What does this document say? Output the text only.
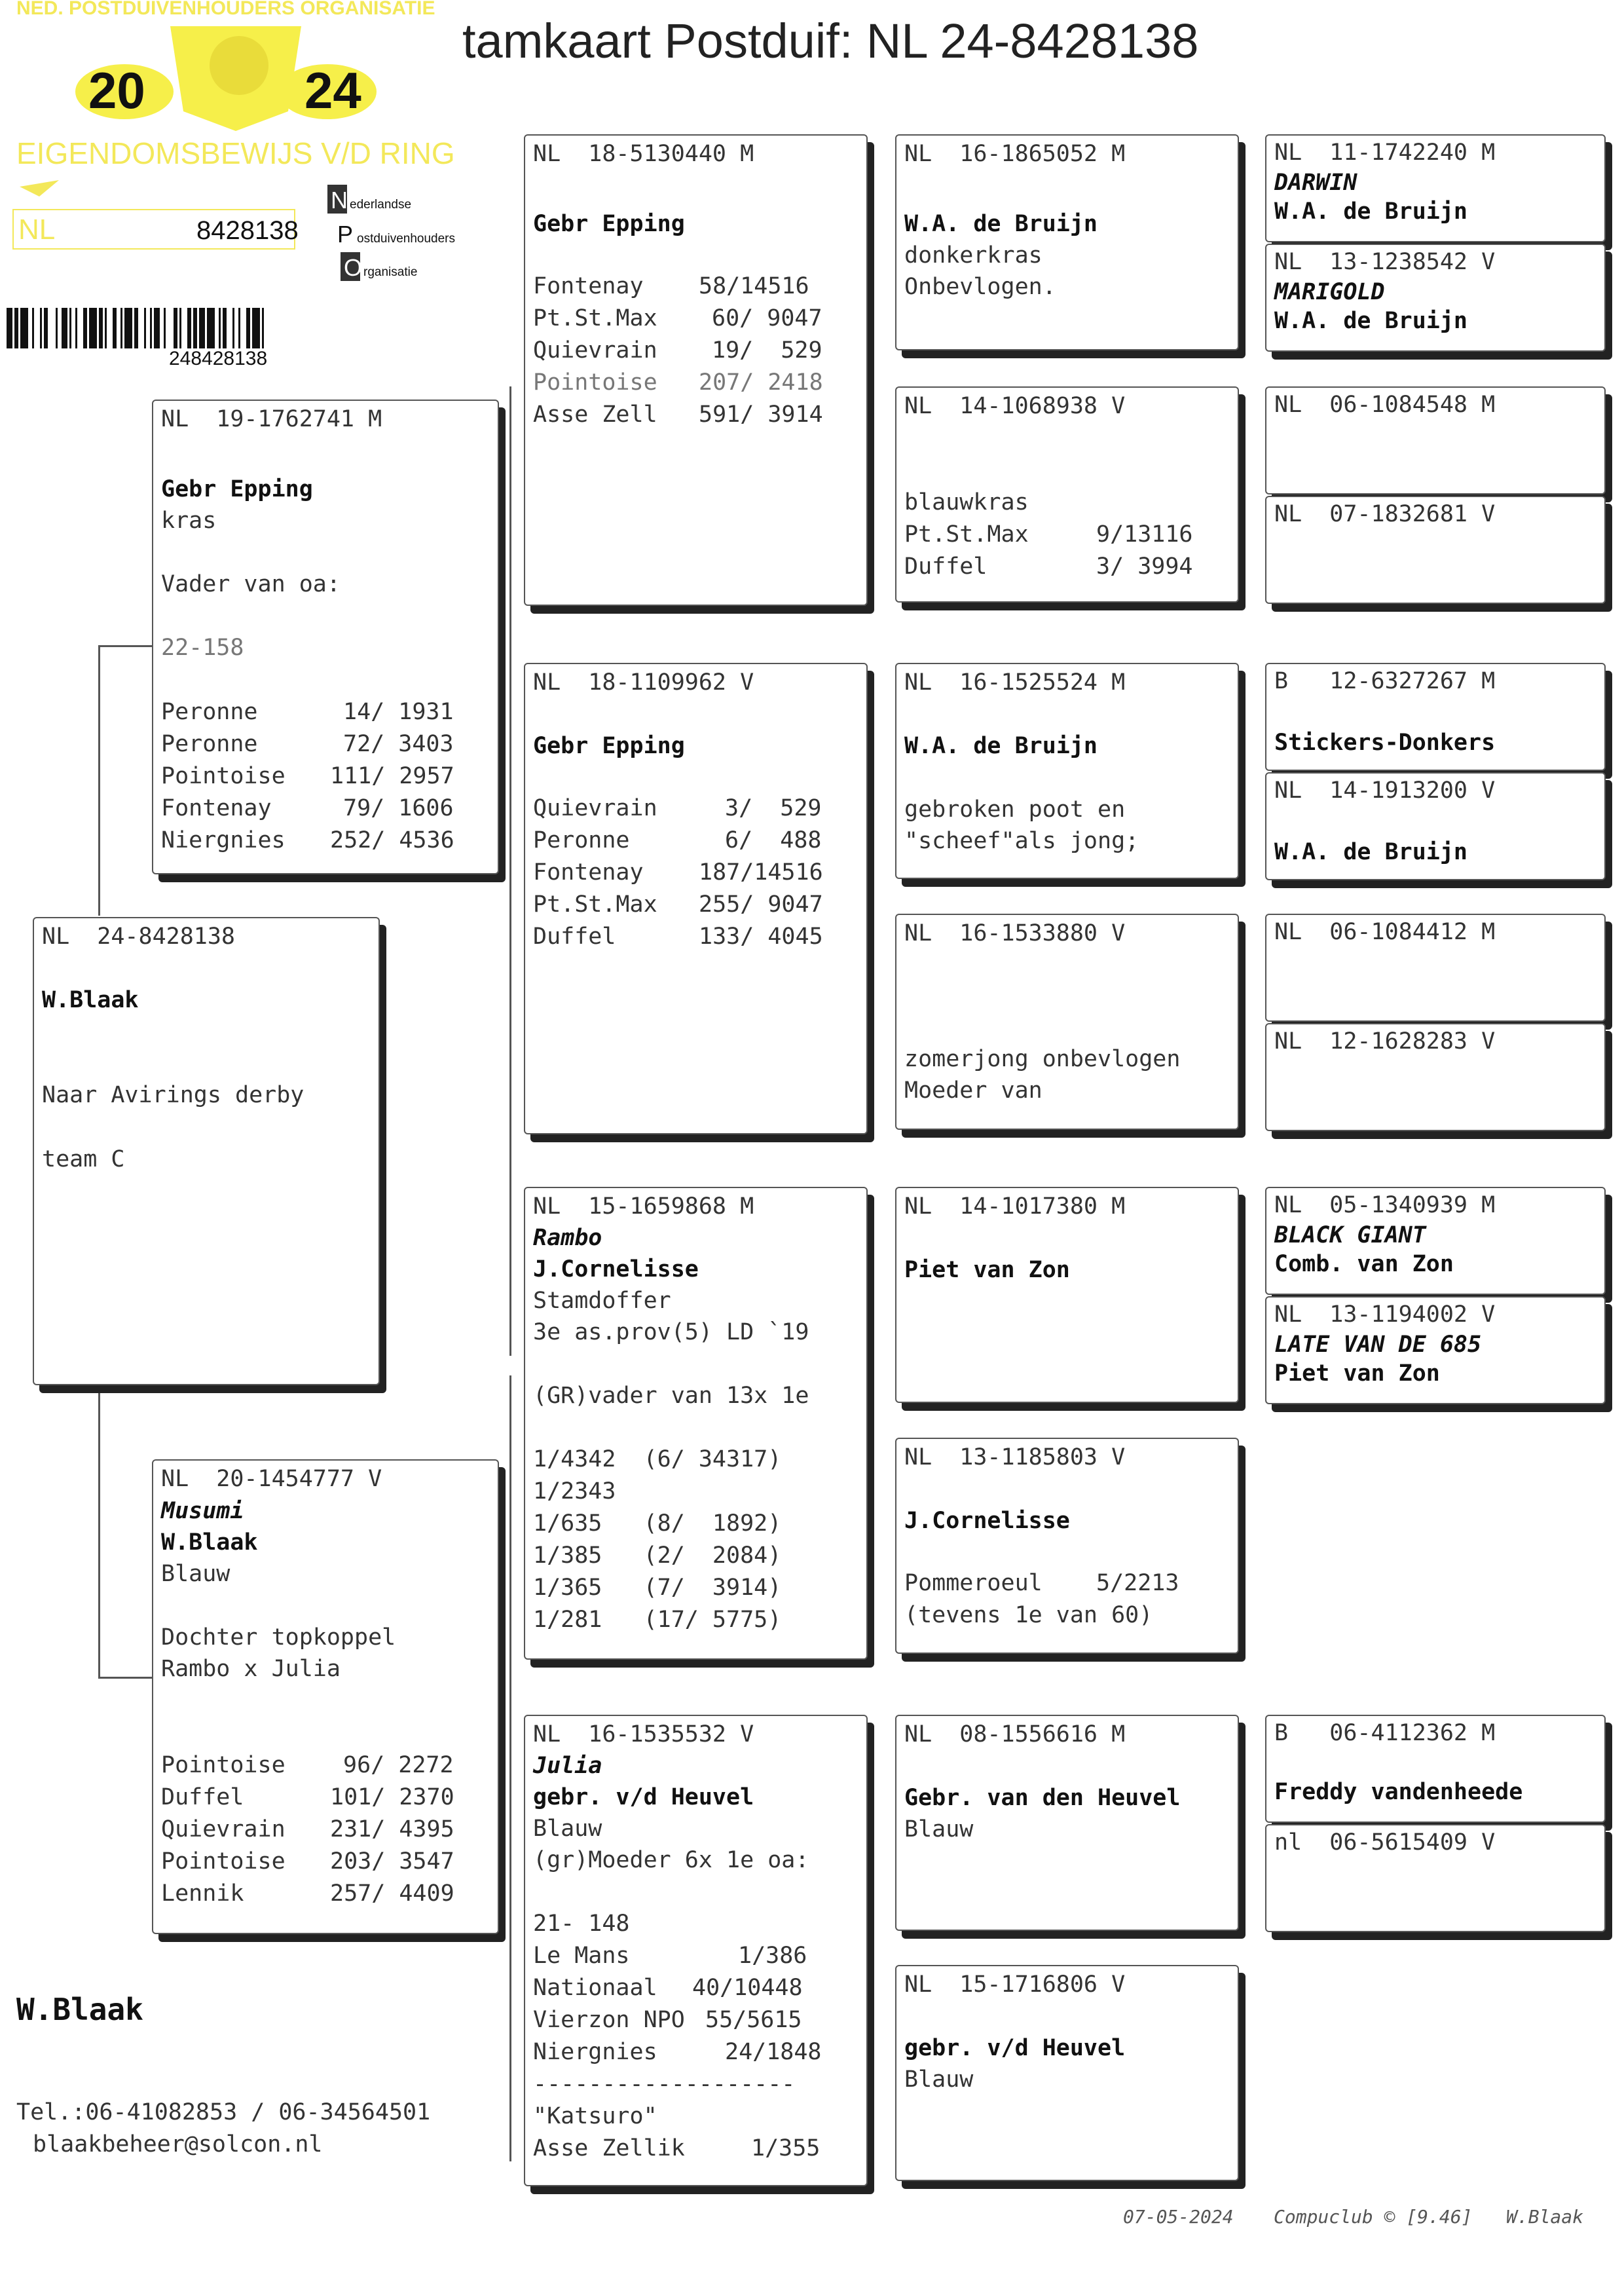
NED. POSTDUIVENHOUDERS ORGANISATIE
20	24
EIGENDOMSBEWIJS V/D RING
NL	8428138
N ederlandse
P ostduivenhouders
O rganisatie
248428138
tamkaart Postduif: NL 24-8428138
NL  24-8428138
W.Blaak
Naar Avirings derby
team C
NL  19-1762741 M
Gebr Epping
kras
Vader van oa:
22-158
Peronne	14/ 1931
Peronne	72/ 3403
Pointoise 111/ 2957
Fontenay	79/ 1606
Niergnies 252/ 4536
NL  20-1454777 V
Musumi
W.Blaak
Blauw
Dochter topkoppel
Rambo x Julia
Pointoise	96/ 2272
Duffel	101/ 2370
Quievrain 231/ 4395
Pointoise 203/ 3547
Lennik	257/ 4409
NL  18-5130440 M
Gebr Epping
Fontenay 58/14516
Pt.St.Max 60/ 9047
Quievrain 19/  529
Pointoise 207/ 2418
Asse Zell 591/ 3914
NL  18-1109962 V
Gebr Epping
Quievrain	3/  529
Peronne	6/  488
Fontenay 187/14516
Pt.St.Max 255/ 9047
Duffel	133/ 4045
NL  15-1659868 M
Rambo
J.Cornelisse
Stamdoffer
3e as.prov(5) LD `19
(GR)vader van 13x 1e
1/4342  (6/ 34317)
1/2343
1/635   (8/  1892)
1/385   (2/  2084)
1/365   (7/  3914)
1/281   (17/ 5775)
NL  16-1535532 V
Julia
gebr. v/d Heuvel
Blauw
(gr)Moeder 6x 1e oa:
21- 148
Le Mans	1/386
Nationaal 40/10448
Vierzon NPO 55/5615
Niergnies	24/1848
-------------------
"Katsuro"
Asse Zellik	1/355
NL  16-1865052 M
W.A. de Bruijn
donkerkras
Onbevlogen.
NL  14-1068938 V
blauwkras
Pt.St.Max	9/13116
Duffel	3/ 3994
NL  16-1525524 M
W.A. de Bruijn
gebroken poot en
"scheef"als jong;
NL  16-1533880 V
zomerjong onbevlogen
Moeder van
NL  14-1017380 M
Piet van Zon
NL  13-1185803 V
J.Cornelisse
Pommeroeul 5/2213
(tevens 1e van 60)
NL  08-1556616 M
Gebr. van den Heuvel
Blauw
NL  15-1716806 V
gebr. v/d Heuvel
Blauw
NL  11-1742240 M
DARWIN
W.A. de Bruijn
NL  13-1238542 V
MARIGOLD
W.A. de Bruijn
NL  06-1084548 M
NL  07-1832681 V
B   12-6327267 M
Stickers-Donkers
NL  14-1913200 V
W.A. de Bruijn
NL  06-1084412 M
NL  12-1628283 V
NL  05-1340939 M
BLACK GIANT
Comb. van Zon
NL  13-1194002 V
LATE VAN DE 685
Piet van Zon
B   06-4112362 M
Freddy vandenheede
nl  06-5615409 V
W.Blaak
Tel.:06-41082853 / 06-34564501
blaakbeheer@solcon.nl
07-05-2024 Compuclub © [9.46] W.Blaak
